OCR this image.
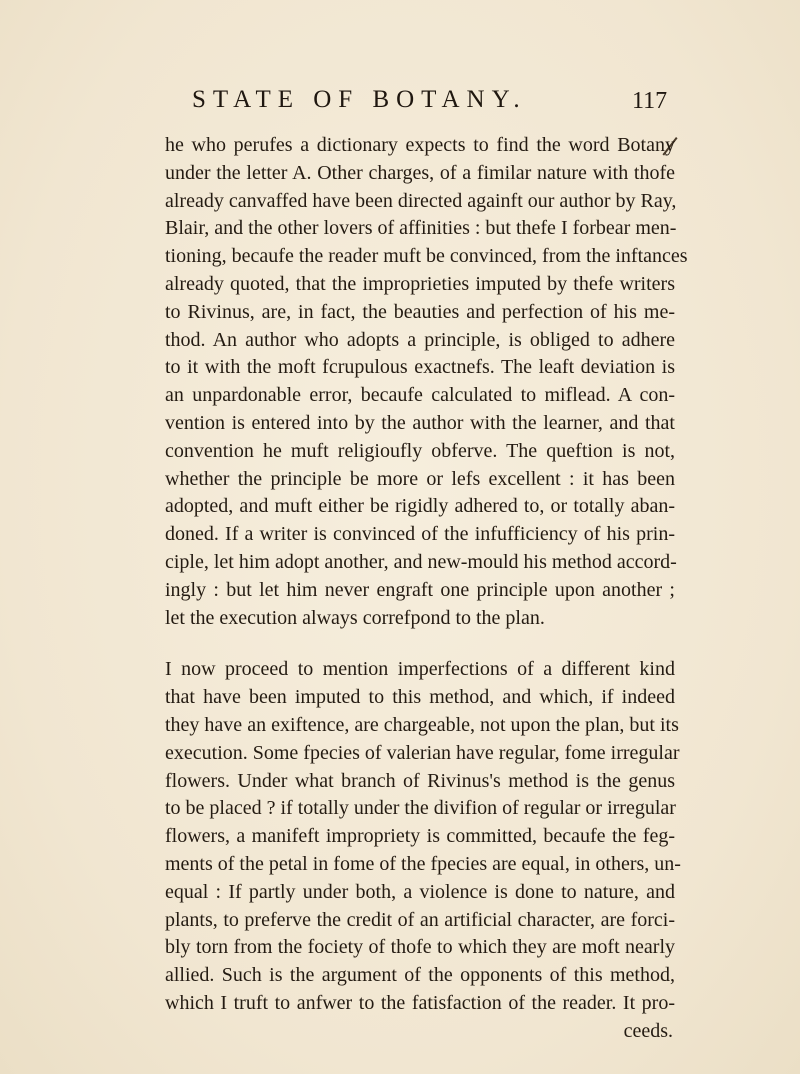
STATE OF BOTANY.	117
he who perufes a dictionary expects to find the word Botany
under the letter A. Other charges, of a fimilar nature with thofe
already canvaffed have been directed againft our author by Ray,
Blair, and the other lovers of affinities : but thefe I forbear men-
tioning, becaufe the reader muft be convinced, from the inftances
already quoted, that the improprieties imputed by thefe writers
to Rivinus, are, in fact, the beauties and perfection of his me-
thod. An author who adopts a principle, is obliged to adhere
to it with the moft fcrupulous exactnefs. The leaft deviation is
an unpardonable error, becaufe calculated to miflead. A con-
vention is entered into by the author with the learner, and that
convention he muft religioufly obferve. The queftion is not,
whether the principle be more or lefs excellent : it has been
adopted, and muft either be rigidly adhered to, or totally aban-
doned. If a writer is convinced of the infufficiency of his prin-
ciple, let him adopt another, and new-mould his method accord-
ingly : but let him never engraft one principle upon another ;
let the execution always correfpond to the plan.
I now proceed to mention imperfections of a different kind
that have been imputed to this method, and which, if indeed
they have an exiftence, are chargeable, not upon the plan, but its
execution. Some fpecies of valerian have regular, fome irregular
flowers. Under what branch of Rivinus's method is the genus
to be placed ? if totally under the divifion of regular or irregular
flowers, a manifeft impropriety is committed, becaufe the feg-
ments of the petal in fome of the fpecies are equal, in others, un-
equal : If partly under both, a violence is done to nature, and
plants, to preferve the credit of an artificial character, are forci-
bly torn from the fociety of thofe to which they are moft nearly
allied. Such is the argument of the opponents of this method,
which I truft to anfwer to the fatisfaction of the reader. It pro-
ceeds.
